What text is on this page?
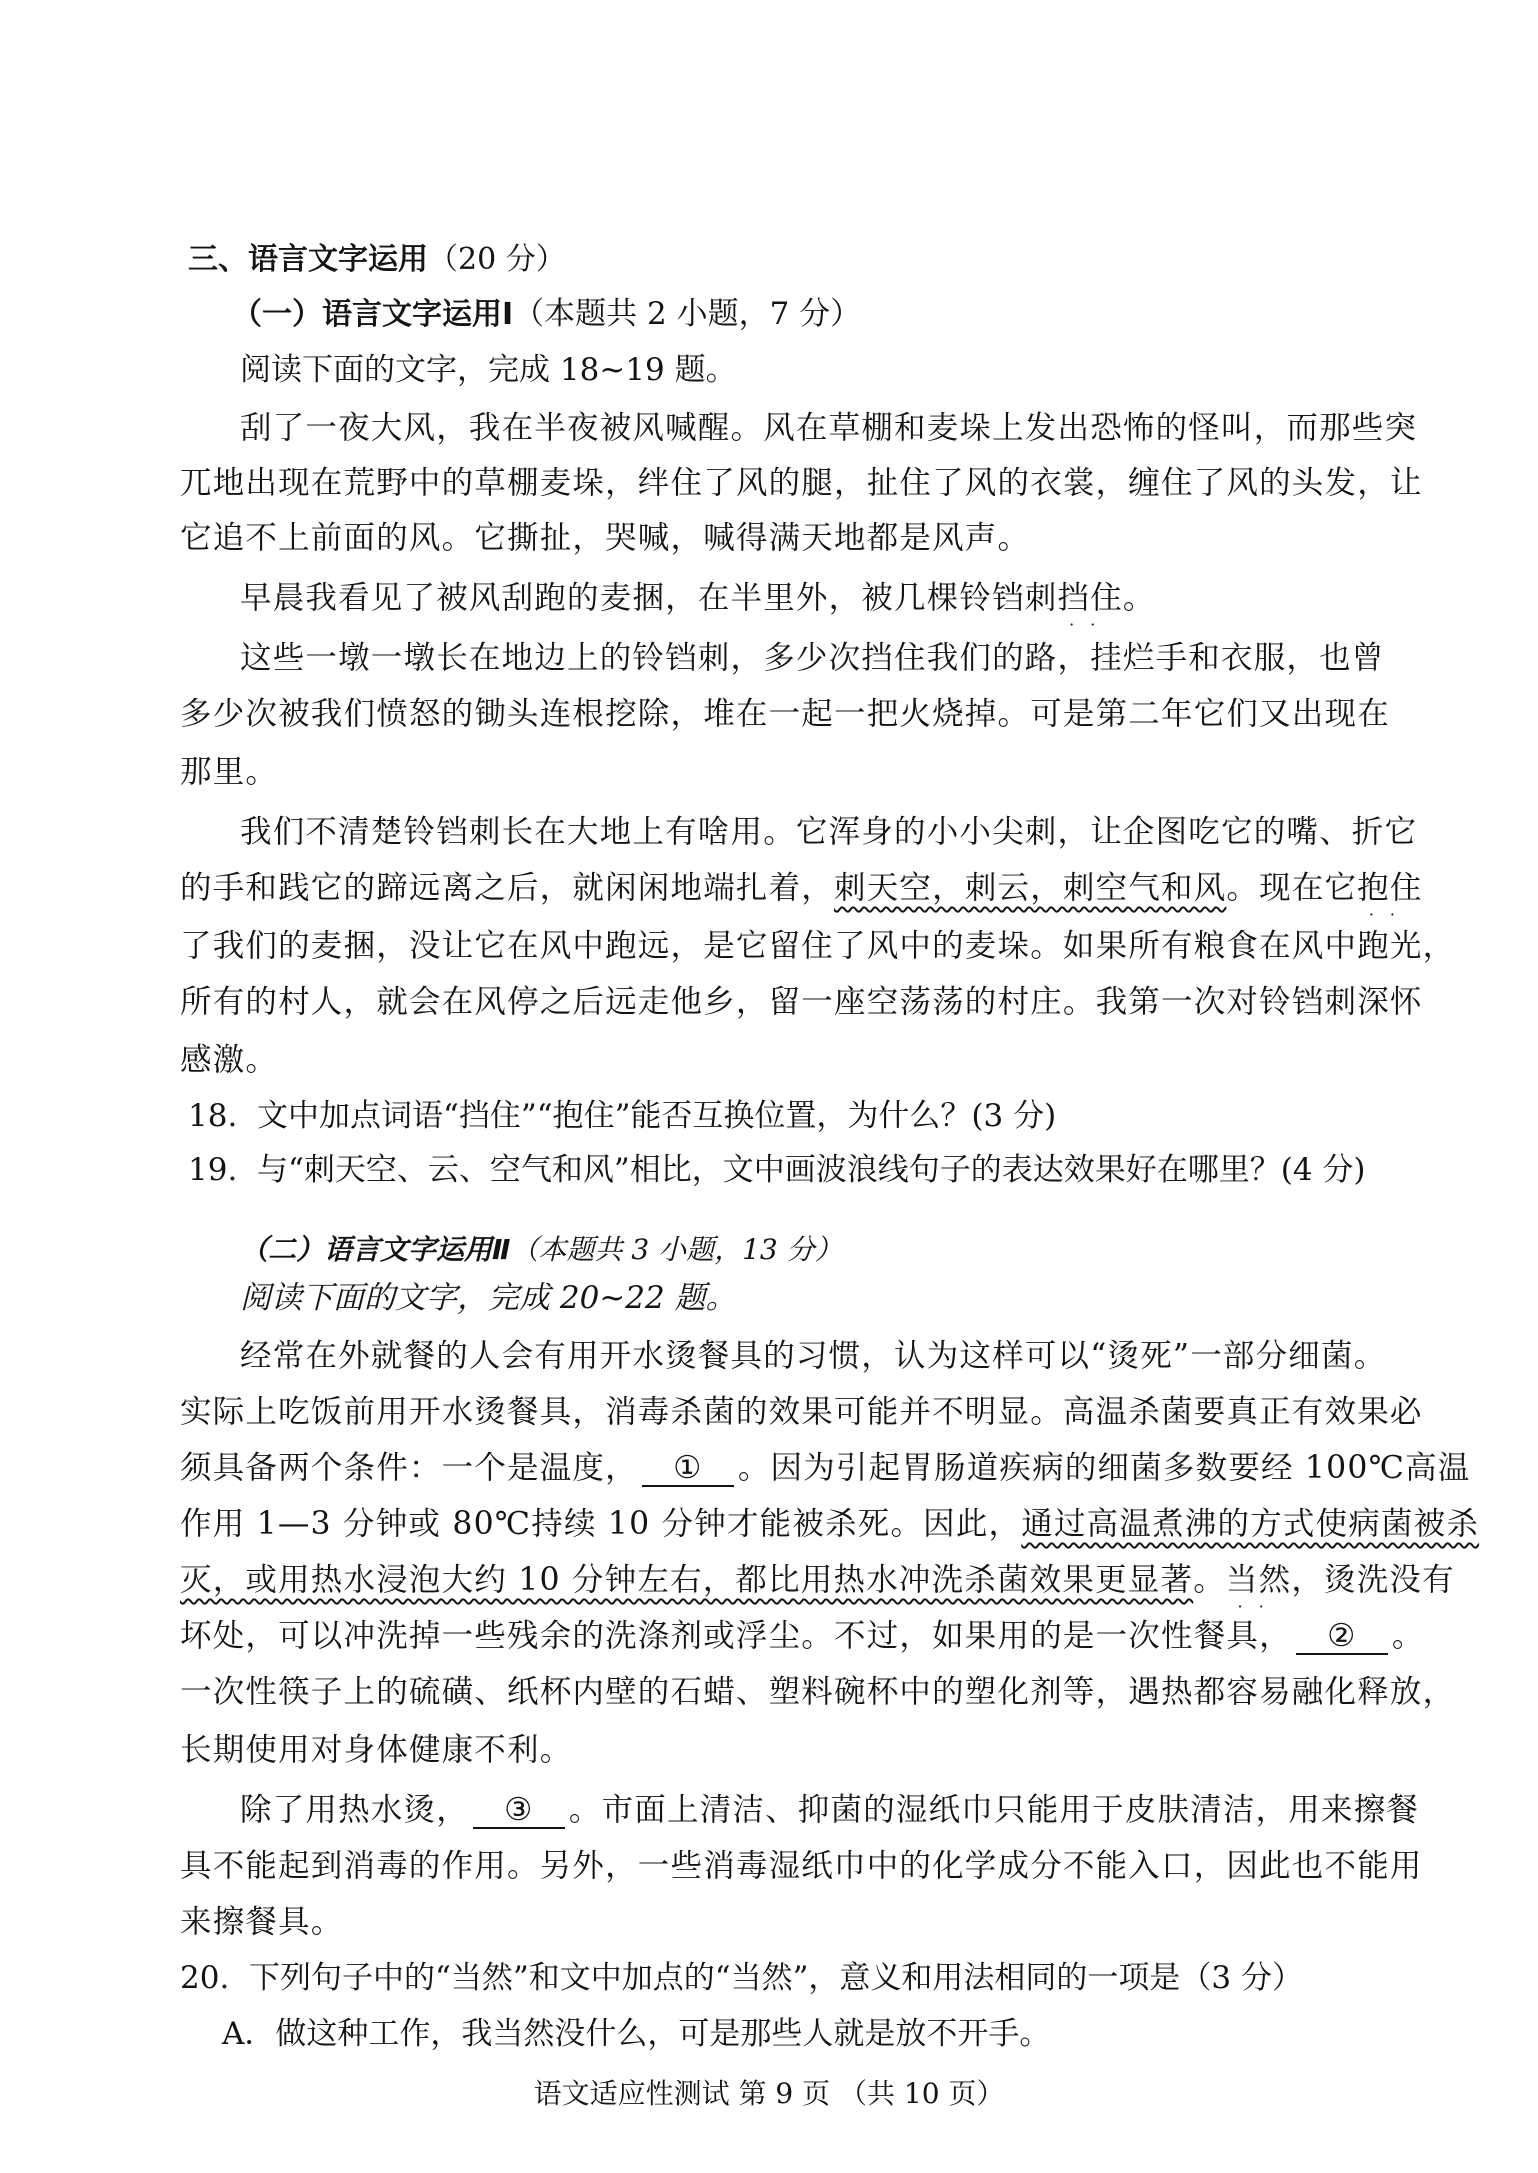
三、语言文字运用（20 分）
（一）语言文字运用Ⅰ（本题共 2 小题，7 分）
阅读下面的文字，完成 18~19 题。
刮了一夜大风，我在半夜被风喊醒。风在草棚和麦垛上发出恐怖的怪叫，而那些突
兀地出现在荒野中的草棚麦垛，绊住了风的腿，扯住了风的衣裳，缠住了风的头发，让
它追不上前面的风。它撕扯，哭喊，喊得满天地都是风声。
早晨我看见了被风刮跑的麦捆，在半里外，被几棵铃铛刺挡住
··
。
这些一墩一墩长在地边上的铃铛刺，多少次挡住我们的路，挂烂手和衣服，也曾
多少次被我们愤怒的锄头连根挖除，堆在一起一把火烧掉。可是第二年它们又出现在
那里。
我们不清楚铃铛刺长在大地上有啥用。它浑身的小小尖刺，让企图吃它的嘴、折它
的手和践它的蹄远离之后，就闲闲地端扎着，刺天空，刺云，刺空气和风。现在它抱住
··
了我们的麦捆，没让它在风中跑远，是它留住了风中的麦垛。如果所有粮食在风中跑光，
所有的村人，就会在风停之后远走他乡，留一座空荡荡的村庄。我第一次对铃铛刺深怀
感激。
18. 文中加点词语“挡住”“抱住”能否互换位置，为什么？(3 分)
19. 与“刺天空、云、空气和风”相比，文中画波浪线句子的表达效果好在哪里？(4 分)
（二）语言文字运用Ⅱ（本题共 3 小题，13 分）
阅读下面的文字，完成 20~22 题。
经常在外就餐的人会有用开水烫餐具的习惯，认为这样可以“烫死”一部分细菌。
实际上吃饭前用开水烫餐具，消毒杀菌的效果可能并不明显。高温杀菌要真正有效果必
须具备两个条件：一个是温度， ① 。因为引起胃肠道疾病的细菌多数要经 100℃高温
作用 1—3 分钟或 80℃持续 10 分钟才能被杀死。因此，通过高温煮沸的方式使病菌被杀
灭，或用热水浸泡大约 10 分钟左右，都比用热水冲洗杀菌效果更显著。当然
··
，烫洗没有
坏处，可以冲洗掉一些残余的洗涤剂或浮尘。不过，如果用的是一次性餐具， ② 。
一次性筷子上的硫磺、纸杯内壁的石蜡、塑料碗杯中的塑化剂等，遇热都容易融化释放，
长期使用对身体健康不利。
除了用热水烫， ③ 。市面上清洁、抑菌的湿纸巾只能用于皮肤清洁，用来擦餐
具不能起到消毒的作用。另外，一些消毒湿纸巾中的化学成分不能入口，因此也不能用
来擦餐具。
20. 下列句子中的“当然”和文中加点的“当然”，意义和用法相同的一项是（3 分）
A．做这种工作，我当然没什么，可是那些人就是放不开手。
语文适应性测试 第 9 页 （共 10 页）
